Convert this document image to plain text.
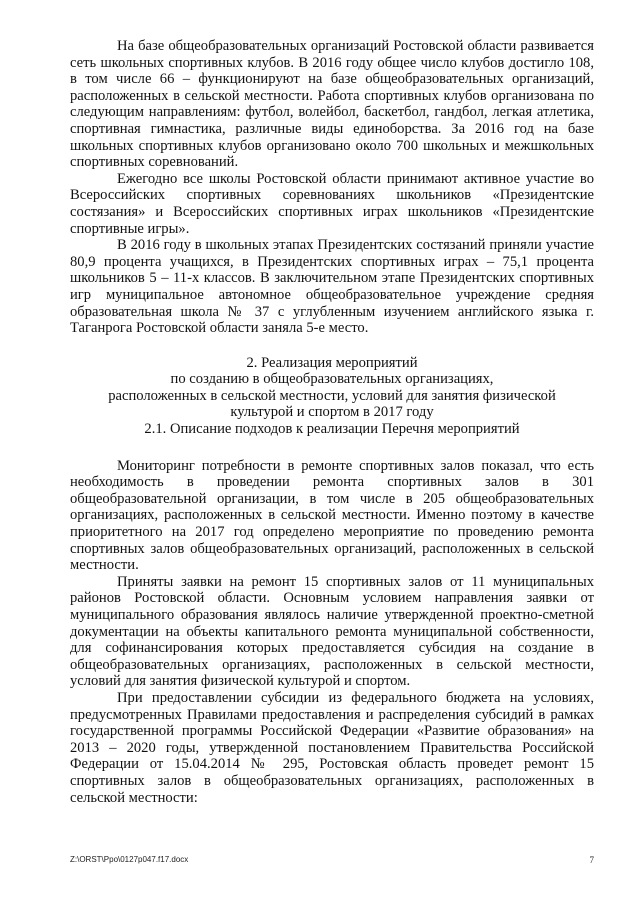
На базе общеобразовательных организаций Ростовской области развивается сеть школьных спортивных клубов. В 2016 году общее число клубов достигло 108, в том числе 66 – функционируют на базе общеобразовательных организаций, расположенных в сельской местности. Работа спортивных клубов организована по следующим направлениям: футбол, волейбол, баскетбол, гандбол, легкая атлетика, спортивная гимнастика, различные виды единоборства. За 2016 год на базе школьных спортивных клубов организовано около 700 школьных и межшкольных спортивных соревнований.

Ежегодно все школы Ростовской области принимают активное участие во Всероссийских спортивных соревнованиях школьников «Президентские состязания» и Всероссийских спортивных играх школьников «Президентские спортивные игры».

В 2016 году в школьных этапах Президентских состязаний приняли участие 80,9 процента учащихся, в Президентских спортивных играх – 75,1 процента школьников 5 – 11-х классов. В заключительном этапе Президентских спортивных игр муниципальное автономное общеобразовательное учреждение средняя образовательная школа № 37 с углубленным изучением английского языка г. Таганрога Ростовской области заняла 5-е место.

2. Реализация мероприятий
по созданию в общеобразовательных организациях,
расположенных в сельской местности, условий для занятия физической
культурой и спортом в 2017 году
2.1. Описание подходов к реализации Перечня мероприятий

Мониторинг потребности в ремонте спортивных залов показал, что есть необходимость в проведении ремонта спортивных залов в 301 общеобразовательной организации, в том числе в 205 общеобразовательных организациях, расположенных в сельской местности. Именно поэтому в качестве приоритетного на 2017 год определено мероприятие по проведению ремонта спортивных залов общеобразовательных организаций, расположенных в сельской местности.

Приняты заявки на ремонт 15 спортивных залов от 11 муниципальных районов Ростовской области. Основным условием направления заявки от муниципального образования являлось наличие утвержденной проектно-сметной документации на объекты капитального ремонта муниципальной собственности, для софинансирования которых предоставляется субсидия на создание в общеобразовательных организациях, расположенных в сельской местности, условий для занятия физической культурой и спортом.

При предоставлении субсидии из федерального бюджета на условиях, предусмотренных Правилами предоставления и распределения субсидий в рамках государственной программы Российской Федерации «Развитие образования» на 2013 – 2020 годы, утвержденной постановлением Правительства Российской Федерации от 15.04.2014 № 295, Ростовская область проведет ремонт 15 спортивных залов в общеобразовательных организациях, расположенных в сельской местности:

Z:\ORST\Ppo\0127p047.f17.docx	7
